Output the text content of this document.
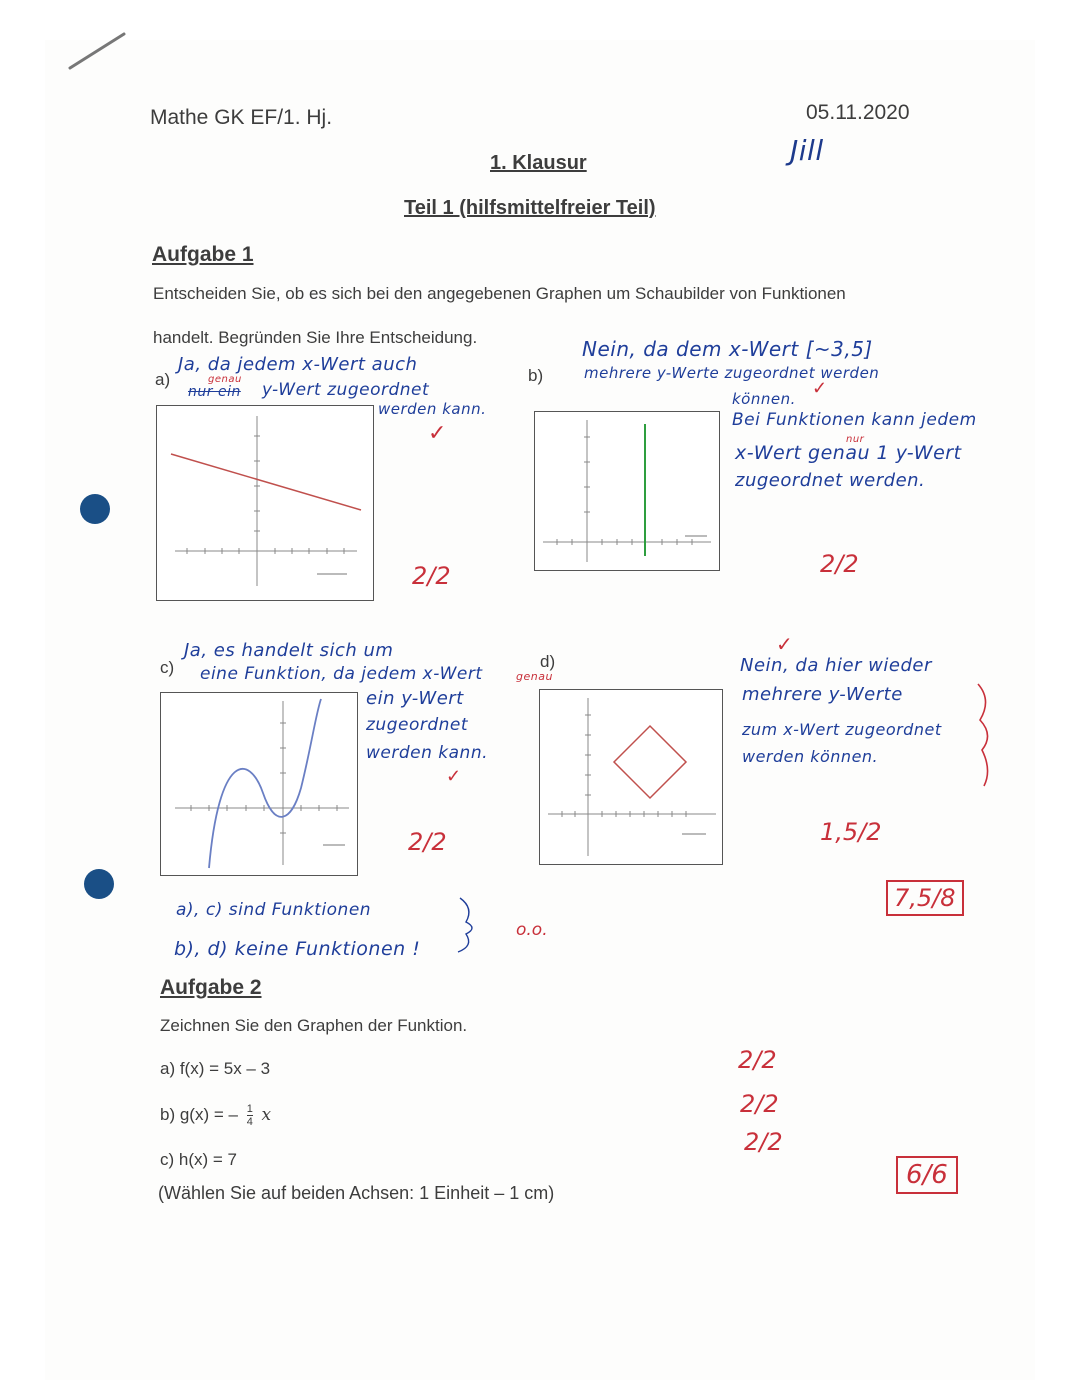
Mathe GK EF/1. Hj.	05.11.2020
Jill
1. Klausur
Teil 1 (hilfsmittelfreier Teil)
Aufgabe 1
Entscheiden Sie, ob es sich bei den angegebenen Graphen um Schaubilder von Funktionen
handelt. Begründen Sie Ihre Entscheidung.
a)
Ja, da jedem x-Wert auch
genau
nur ein y-Wert zugeordnet
werden kann.
✓
2/2
b)
Nein, da dem x-Wert [~3,5]
mehrere y-Werte zugeordnet werden
können.
✓
Bei Funktionen kann jedem
nur
x-Wert genau 1 y-Wert
zugeordnet werden.
2/2
c)
Ja, es handelt sich um
eine Funktion, da jedem x-Wert	genau
ein y-Wert
zugeordnet
werden kann.
✓
2/2
d)
✓
Nein, da hier wieder
mehrere y-Werte
zum x-Wert zugeordnet
werden können.
1,5/2
7,5/8
a), c) sind Funktionen
b), d) keine Funktionen !
o.o.
Aufgabe 2
Zeichnen Sie den Graphen der Funktion.
a) f(x) = 5x – 3
b) g(x) = – $\frac{1}{4}$ x
c) h(x) = 7
(Wählen Sie auf beiden Achsen: 1 Einheit – 1 cm)
2/2
2/2
2/2
6/6
